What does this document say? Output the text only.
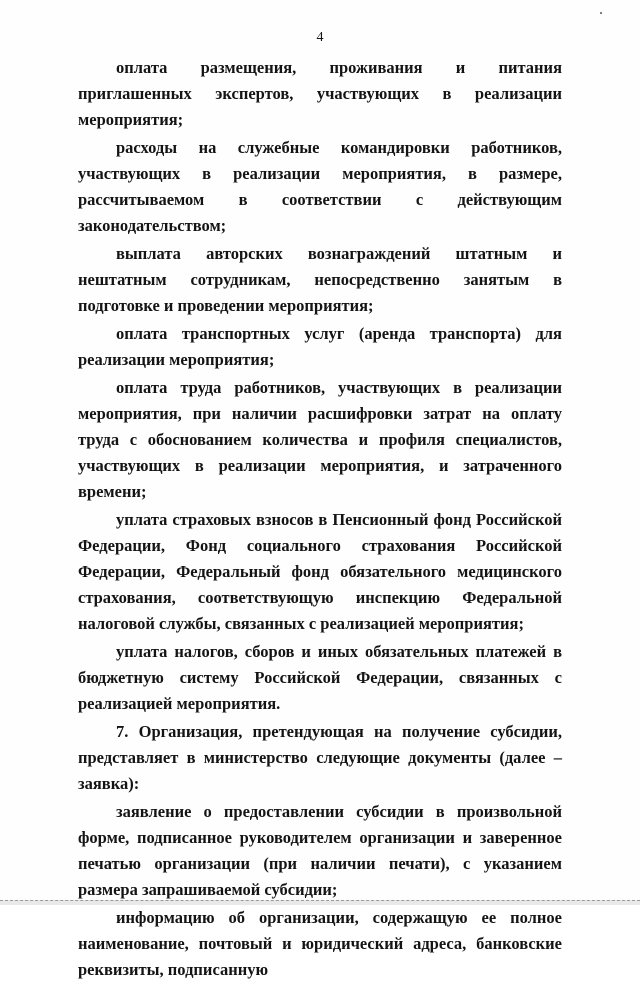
4

оплата размещения, проживания и питания приглашенных экспертов, участвующих в реализации мероприятия;

расходы на служебные командировки работников, участвующих в реализации мероприятия, в размере, рассчитываемом в соответствии с действующим законодательством;

выплата авторских вознаграждений штатным и нештатным сотрудникам, непосредственно занятым в подготовке и проведении мероприятия;

оплата транспортных услуг (аренда транспорта) для реализации мероприятия;

оплата труда работников, участвующих в реализации мероприятия, при наличии расшифровки затрат на оплату труда с обоснованием количества и профиля специалистов, участвующих в реализации мероприятия, и затраченного времени;

уплата страховых взносов в Пенсионный фонд Российской Федерации, Фонд социального страхования Российской Федерации, Федеральный фонд обязательного медицинского страхования, соответствующую инспекцию Федеральной налоговой службы, связанных с реализацией мероприятия;

уплата налогов, сборов и иных обязательных платежей в бюджетную систему Российской Федерации, связанных с реализацией мероприятия.

7. Организация, претендующая на получение субсидии, представляет в министерство следующие документы (далее – заявка):

заявление о предоставлении субсидии в произвольной форме, подписанное руководителем организации и заверенное печатью организации (при наличии печати), с указанием размера запрашиваемой субсидии;

информацию об организации, содержащую ее полное наименование, почтовый и юридический адреса, банковские реквизиты, подписанную
